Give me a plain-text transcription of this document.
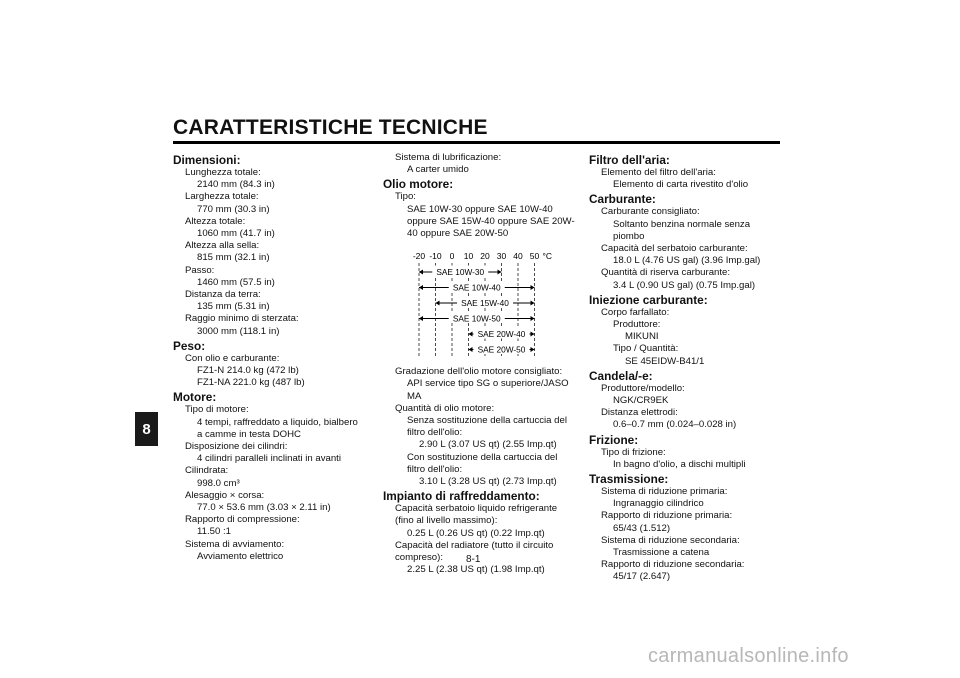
CARATTERISTICHE TECNICHE
8
Dimensioni:
Lunghezza totale:
2140 mm (84.3 in)
Larghezza totale:
770 mm (30.3 in)
Altezza totale:
1060 mm (41.7 in)
Altezza alla sella:
815 mm (32.1 in)
Passo:
1460 mm (57.5 in)
Distanza da terra:
135 mm (5.31 in)
Raggio minimo di sterzata:
3000 mm (118.1 in)
Peso:
Con olio e carburante:
FZ1-N 214.0 kg (472 lb)
FZ1-NA 221.0 kg (487 lb)
Motore:
Tipo di motore:
4 tempi, raffreddato a liquido, bialbero a camme in testa DOHC
Disposizione dei cilindri:
4 cilindri paralleli inclinati in avanti
Cilindrata:
998.0 cm³
Alesaggio × corsa:
77.0 × 53.6 mm (3.03 × 2.11 in)
Rapporto di compressione:
11.50 :1
Sistema di avviamento:
Avviamento elettrico
Sistema di lubrificazione:
A carter umido
Olio motore:
Tipo:
SAE 10W-30 oppure SAE 10W-40 oppure SAE 15W-40 oppure SAE 20W-40 oppure SAE 20W-50
-20 -10 0 10 20 30 40 50 °C
SAE 10W-30
SAE 10W-40
SAE 15W-40
SAE 10W-50
SAE 20W-40
SAE 20W-50
Gradazione dell'olio motore consigliato:
API service tipo SG o superiore/JASO MA
Quantità di olio motore:
Senza sostituzione della cartuccia del filtro dell'olio:
2.90 L (3.07 US qt) (2.55 Imp.qt)
Con sostituzione della cartuccia del filtro dell'olio:
3.10 L (3.28 US qt) (2.73 Imp.qt)
Impianto di raffreddamento:
Capacità serbatoio liquido refrigerante (fino al livello massimo):
0.25 L (0.26 US qt) (0.22 Imp.qt)
Capacità del radiatore (tutto il circuito compreso):
2.25 L (2.38 US qt) (1.98 Imp.qt)
Filtro dell'aria:
Elemento del filtro dell'aria:
Elemento di carta rivestito d'olio
Carburante:
Carburante consigliato:
Soltanto benzina normale senza piombo
Capacità del serbatoio carburante:
18.0 L (4.76 US gal) (3.96 Imp.gal)
Quantità di riserva carburante:
3.4 L (0.90 US gal) (0.75 Imp.gal)
Iniezione carburante:
Corpo farfallato:
Produttore:
MIKUNI
Tipo / Quantità:
SE 45EIDW-B41/1
Candela/-e:
Produttore/modello:
NGK/CR9EK
Distanza elettrodi:
0.6–0.7 mm (0.024–0.028 in)
Frizione:
Tipo di frizione:
In bagno d'olio, a dischi multipli
Trasmissione:
Sistema di riduzione primaria:
Ingranaggio cilindrico
Rapporto di riduzione primaria:
65/43 (1.512)
Sistema di riduzione secondaria:
Trasmissione a catena
Rapporto di riduzione secondaria:
45/17 (2.647)
8-1
carmanualsonline.info
